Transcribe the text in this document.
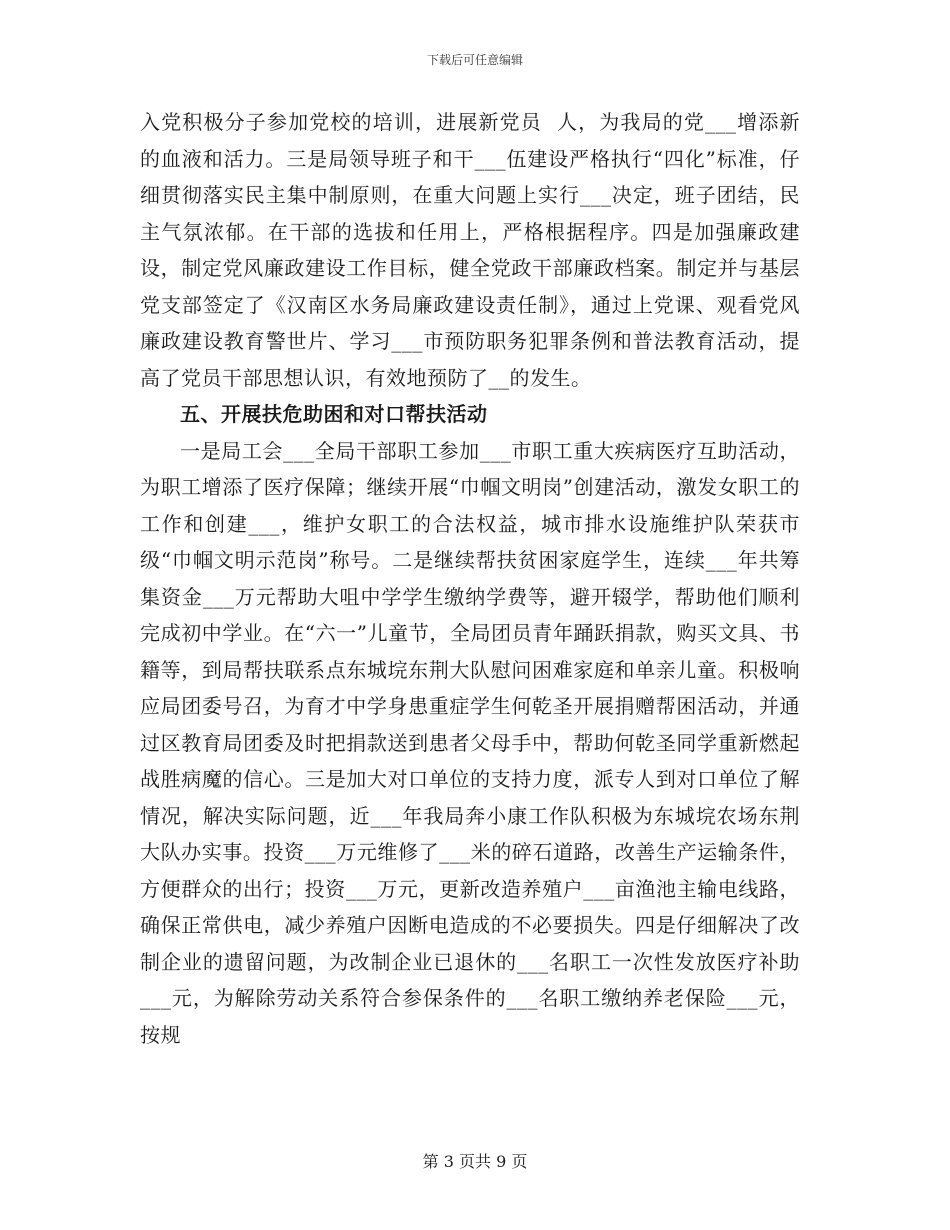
下载后可任意编辑

入党积极分子参加党校的培训，进展新党员  人，为我局的党___增添新的血液和活力。三是局领导班子和干___伍建设严格执行“四化”标准，仔细贯彻落实民主集中制原则，在重大问题上实行___决定，班子团结，民主气氛浓郁。在干部的选拔和任用上，严格根据程序。四是加强廉政建设，制定党风廉政建设工作目标，健全党政干部廉政档案。制定并与基层党支部签定了《汉南区水务局廉政建设责任制》，通过上党课、观看党风廉政建设教育警世片、学习___市预防职务犯罪条例和普法教育活动，提高了党员干部思想认识，有效地预防了__的发生。

五、开展扶危助困和对口帮扶活动

一是局工会___全局干部职工参加___市职工重大疾病医疗互助活动，为职工增添了医疗保障；继续开展“巾帼文明岗”创建活动，激发女职工的工作和创建___，维护女职工的合法权益，城市排水设施维护队荣获市级“巾帼文明示范岗”称号。二是继续帮扶贫困家庭学生，连续___年共筹集资金___万元帮助大咀中学学生缴纳学费等，避开辍学，帮助他们顺利完成初中学业。在“六一”儿童节，全局团员青年踊跃捐款，购买文具、书籍等，到局帮扶联系点东城垸东荆大队慰问困难家庭和单亲儿童。积极响应局团委号召，为育才中学身患重症学生何乾圣开展捐赠帮困活动，并通过区教育局团委及时把捐款送到患者父母手中，帮助何乾圣同学重新燃起战胜病魔的信心。三是加大对口单位的支持力度，派专人到对口单位了解情况，解决实际问题，近___年我局奔小康工作队积极为东城垸农场东荆大队办实事。投资___万元维修了___米的碎石道路，改善生产运输条件，方便群众的出行；投资___万元，更新改造养殖户___亩渔池主输电线路，确保正常供电，减少养殖户因断电造成的不必要损失。四是仔细解决了改制企业的遗留问题，为改制企业已退休的___名职工一次性发放医疗补助___元，为解除劳动关系符合参保条件的___名职工缴纳养老保险___元，按规

第 3 页共 9 页
